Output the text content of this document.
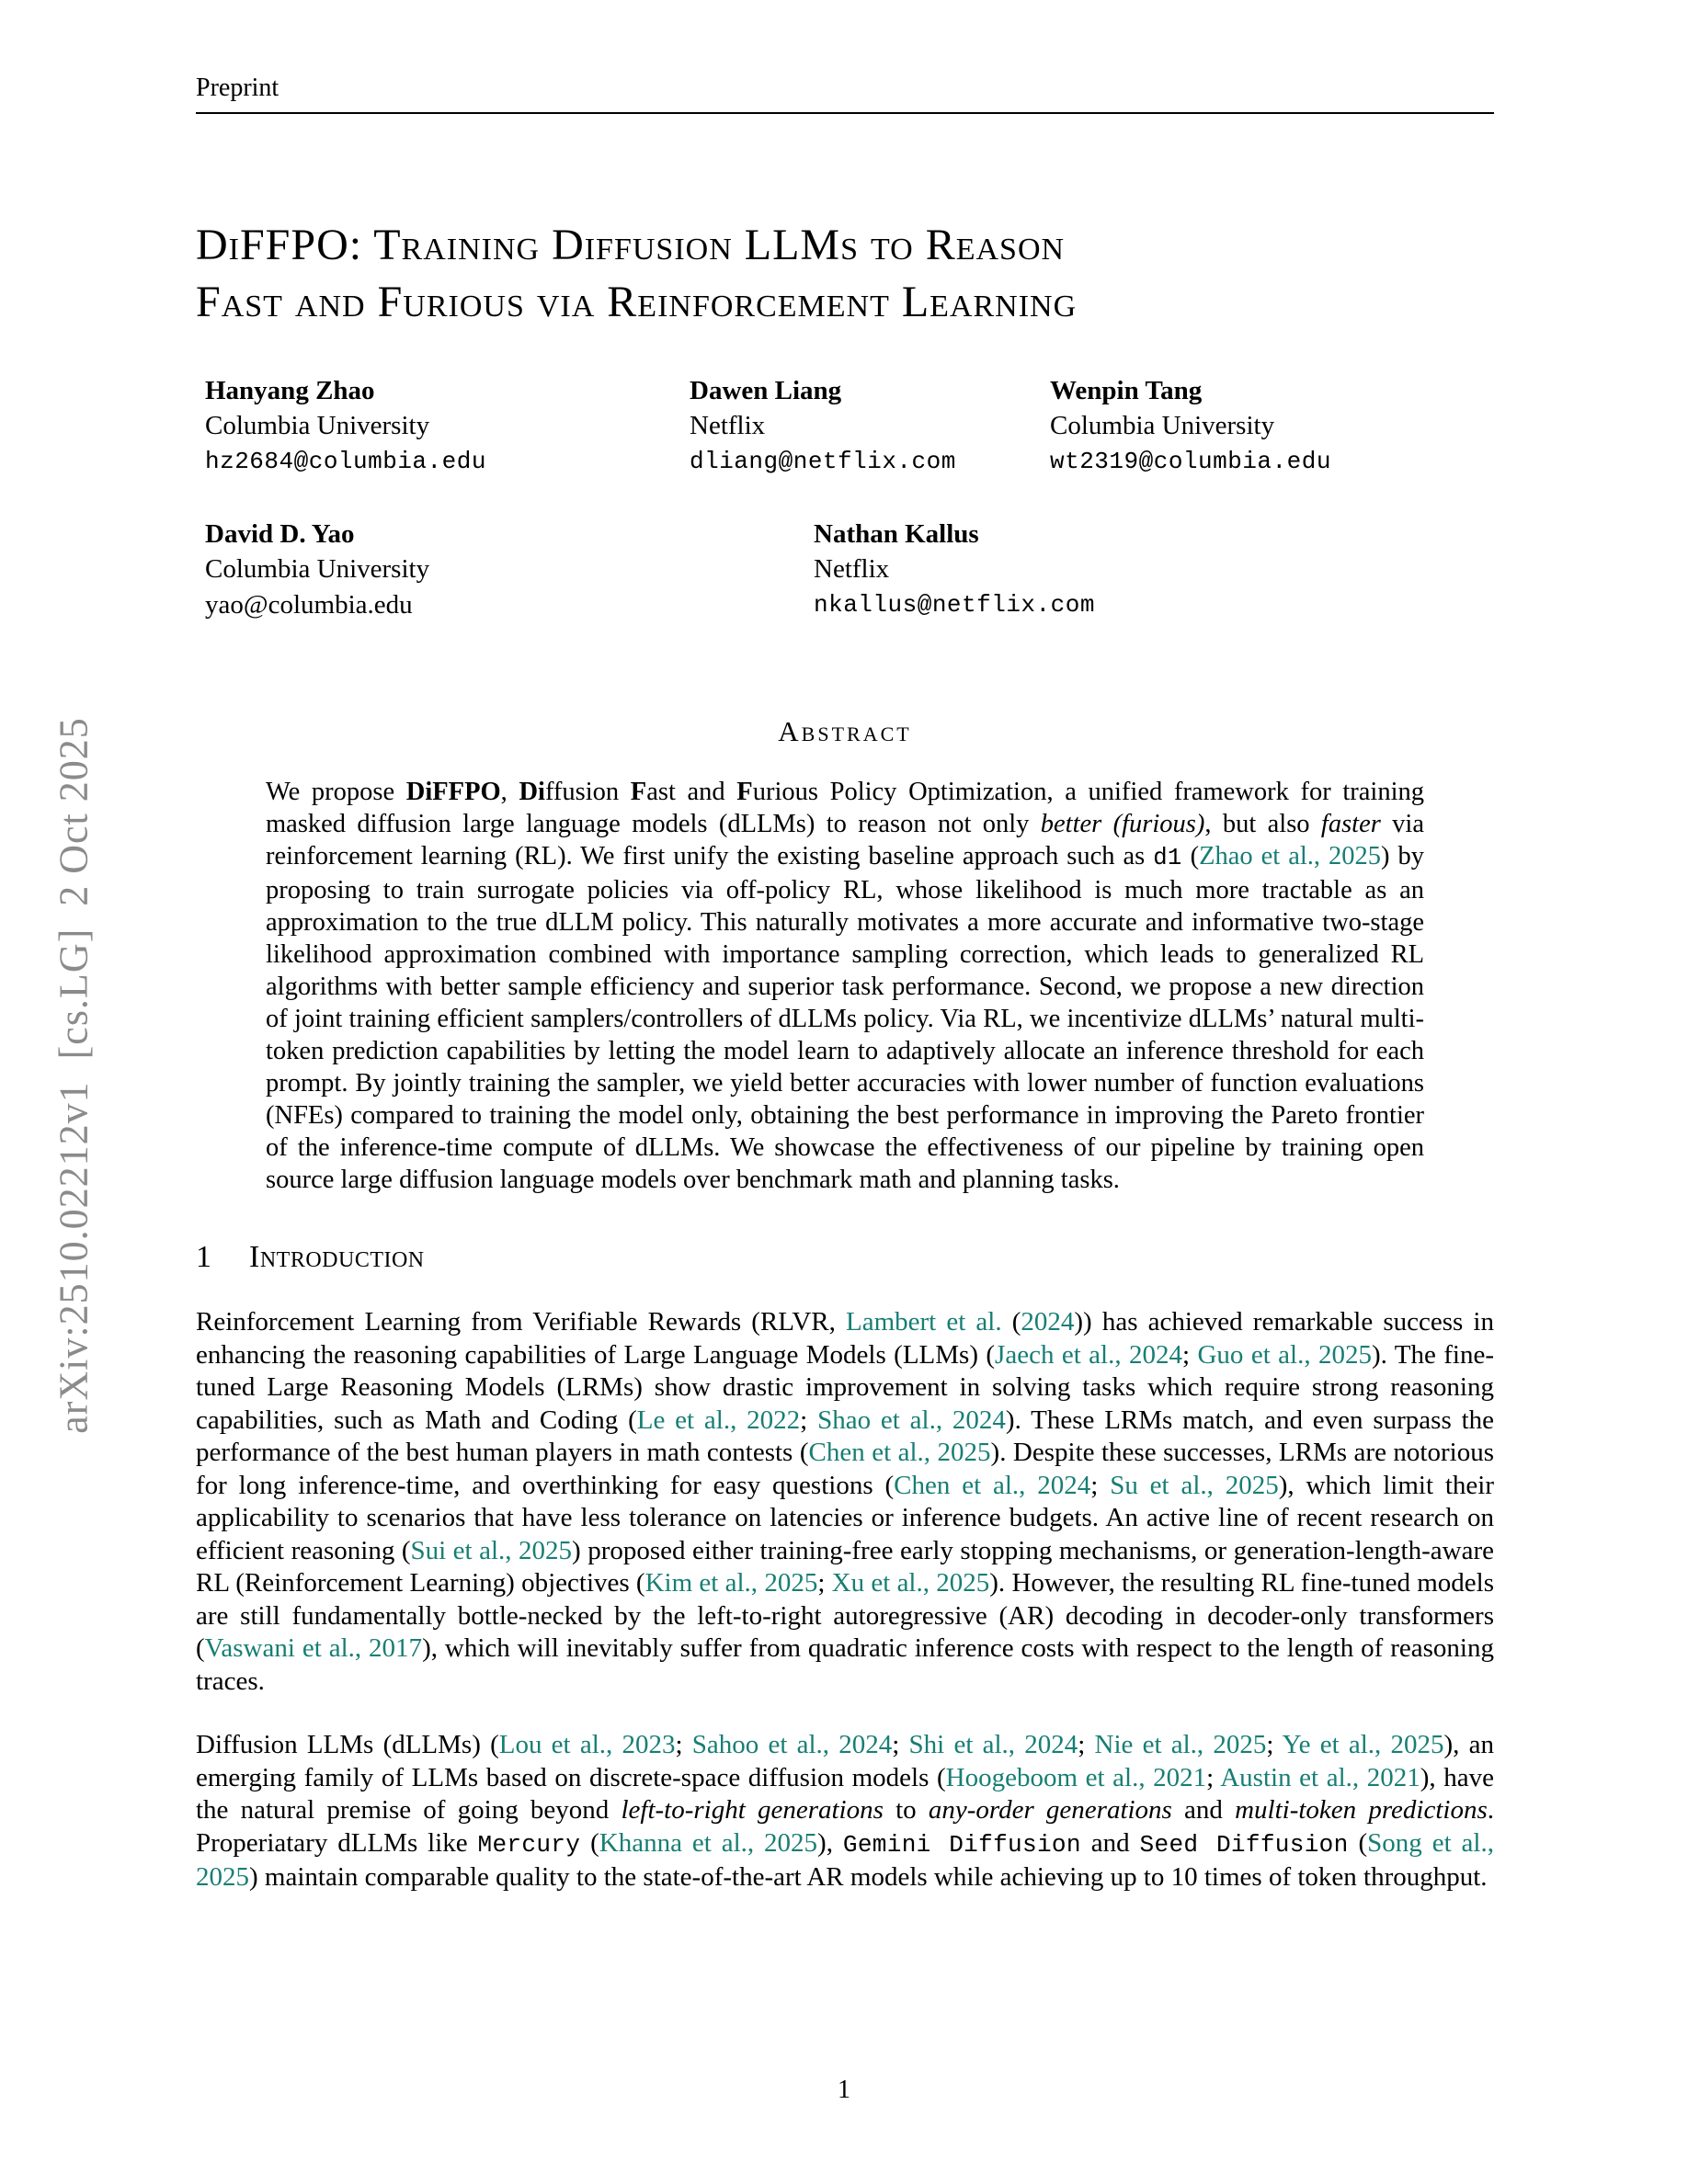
arXiv:2510.02212v1  [cs.LG]  2 Oct 2025
Preprint
DiFFPO: Training Diffusion LLMs to Reason
Fast and Furious via Reinforcement Learning
Hanyang Zhao
Columbia University
hz2684@columbia.edu
Dawen Liang
Netflix
dliang@netflix.com
Wenpin Tang
Columbia University
wt2319@columbia.edu
David D. Yao
Columbia University
yao@columbia.edu
Nathan Kallus
Netflix
nkallus@netflix.com
Abstract

We propose DiFFPO, Diffusion Fast and Furious Policy Optimization, a unified framework for training masked diffusion large language models (dLLMs) to reason not only better (furious), but also faster via reinforcement learning (RL). We first unify the existing baseline approach such as d1 (Zhao et al., 2025) by proposing to train surrogate policies via off-policy RL, whose likelihood is much more tractable as an approximation to the true dLLM policy. This naturally motivates a more accurate and informative two-stage likelihood approximation combined with importance sampling correction, which leads to generalized RL algorithms with better sample efficiency and superior task performance. Second, we propose a new direction of joint training efficient samplers/controllers of dLLMs policy. Via RL, we incentivize dLLMs’ natural multi-token prediction capabilities by letting the model learn to adaptively allocate an inference threshold for each prompt. By jointly training the sampler, we yield better accuracies with lower number of function evaluations (NFEs) compared to training the model only, obtaining the best performance in improving the Pareto frontier of the inference-time compute of dLLMs. We showcase the effectiveness of our pipeline by training open source large diffusion language models over benchmark math and planning tasks.

1 Introduction

Reinforcement Learning from Verifiable Rewards (RLVR, Lambert et al. (2024)) has achieved remarkable success in enhancing the reasoning capabilities of Large Language Models (LLMs) (Jaech et al., 2024; Guo et al., 2025). The fine-tuned Large Reasoning Models (LRMs) show drastic improvement in solving tasks which require strong reasoning capabilities, such as Math and Coding (Le et al., 2022; Shao et al., 2024). These LRMs match, and even surpass the performance of the best human players in math contests (Chen et al., 2025). Despite these successes, LRMs are notorious for long inference-time, and overthinking for easy questions (Chen et al., 2024; Su et al., 2025), which limit their applicability to scenarios that have less tolerance on latencies or inference budgets. An active line of recent research on efficient reasoning (Sui et al., 2025) proposed either training-free early stopping mechanisms, or generation-length-aware RL (Reinforcement Learning) objectives (Kim et al., 2025; Xu et al., 2025). However, the resulting RL fine-tuned models are still fundamentally bottle-necked by the left-to-right autoregressive (AR) decoding in decoder-only transformers (Vaswani et al., 2017), which will inevitably suffer from quadratic inference costs with respect to the length of reasoning traces.

Diffusion LLMs (dLLMs) (Lou et al., 2023; Sahoo et al., 2024; Shi et al., 2024; Nie et al., 2025; Ye et al., 2025), an emerging family of LLMs based on discrete-space diffusion models (Hoogeboom et al., 2021; Austin et al., 2021), have the natural premise of going beyond left-to-right generations to any-order generations and multi-token predictions. Properiatary dLLMs like Mercury (Khanna et al., 2025), Gemini Diffusion and Seed Diffusion (Song et al., 2025) maintain comparable quality to the state-of-the-art AR models while achieving up to 10 times of token throughput.

1
